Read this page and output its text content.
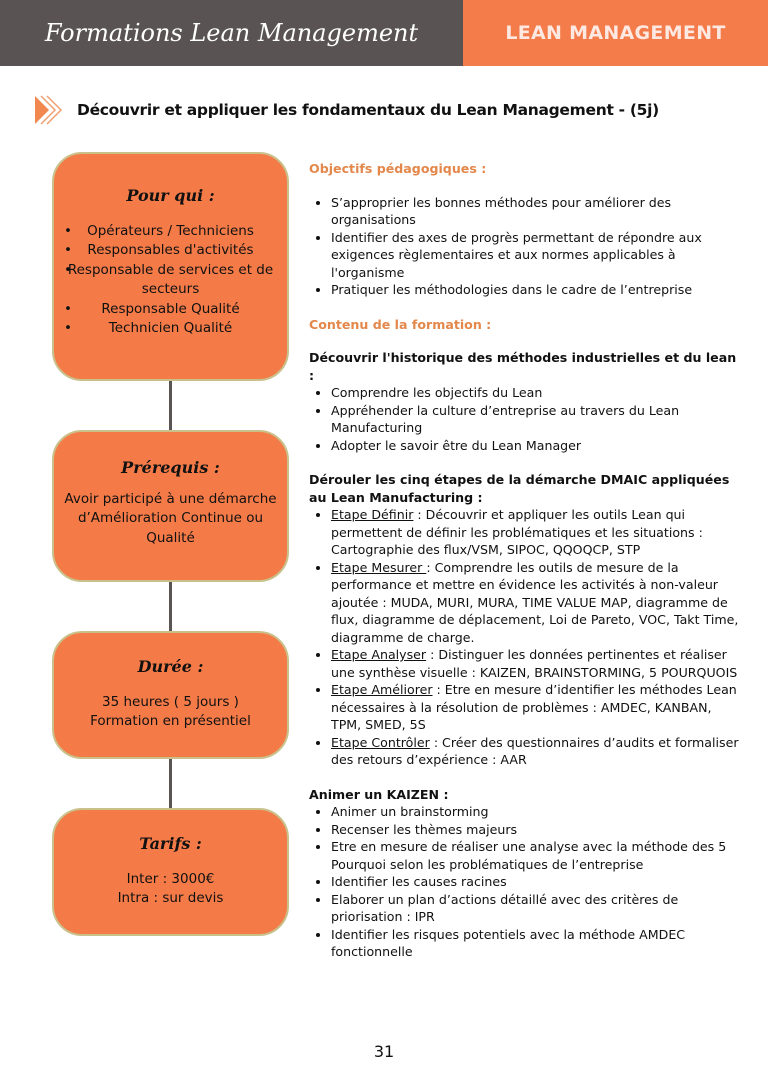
Formations Lean Management	LEAN MANAGEMENT
Découvrir et appliquer les fondamentaux du Lean Management - (5j)
Pour qui :
• Opérateurs / Techniciens
• Responsables d'activités
• Responsable de services et de secteurs
• Responsable Qualité
• Technicien Qualité
Prérequis :

Avoir participé à une démarche d’Amélioration Continue ou Qualité

Durée :

35 heures ( 5 jours )

Formation en présentiel

Tarifs :

Inter : 3000€

Intra : sur devis

Objectifs pédagogiques :
• S’approprier les bonnes méthodes pour améliorer des organisations
• Identifier des axes de progrès permettant de répondre aux exigences règlementaires et aux normes applicables à l'organisme
• Pratiquer les méthodologies dans le cadre de l’entreprise
Contenu de la formation :
Découvrir l'historique des méthodes industrielles et du lean :
• Comprendre les objectifs du Lean
• Appréhender la culture d’entreprise au travers du Lean Manufacturing
• Adopter le savoir être du Lean Manager
Dérouler les cinq étapes de la démarche DMAIC appliquées au Lean Manufacturing :
• Etape Définir : Découvrir et appliquer les outils Lean qui permettent de définir les problématiques et les situations : Cartographie des flux/VSM, SIPOC, QQOQCP, STP
• Etape Mesurer : Comprendre les outils de mesure de la performance et mettre en évidence les activités à non-valeur ajoutée : MUDA, MURI, MURA, TIME VALUE MAP, diagramme de flux, diagramme de déplacement, Loi de Pareto, VOC, Takt Time, diagramme de charge.
• Etape Analyser : Distinguer les données pertinentes et réaliser une synthèse visuelle : KAIZEN, BRAINSTORMING, 5 POURQUOIS
• Etape Améliorer : Etre en mesure d’identifier les méthodes Lean nécessaires à la résolution de problèmes : AMDEC, KANBAN, TPM, SMED, 5S
• Etape Contrôler : Créer des questionnaires d’audits et formaliser des retours d’expérience : AAR
Animer un KAIZEN :
• Animer un brainstorming
• Recenser les thèmes majeurs
• Etre en mesure de réaliser une analyse avec la méthode des 5 Pourquoi selon les problématiques de l’entreprise
• Identifier les causes racines
• Elaborer un plan d’actions détaillé avec des critères de priorisation : IPR
• Identifier les risques potentiels avec la méthode AMDEC fonctionnelle
31
